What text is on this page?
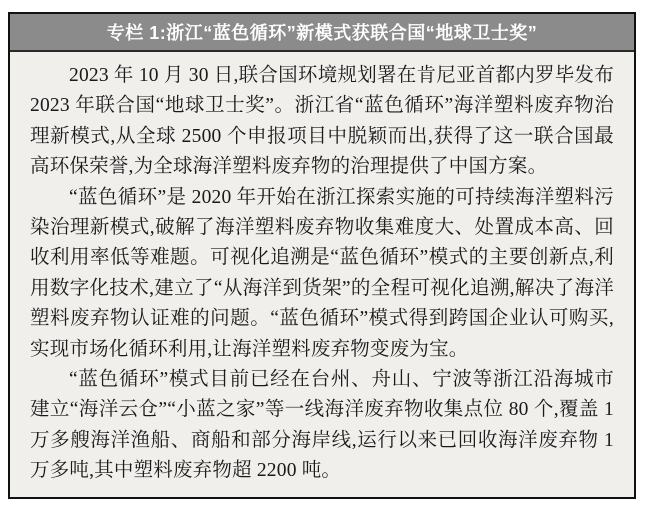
专栏 1:浙江“蓝色循环”新模式获联合国“地球卫士奖”

2023 年 10 月 30 日,联合国环境规划署在肯尼亚首都内罗毕发布 2023 年联合国“地球卫士奖”。浙江省“蓝色循环”海洋塑料废弃物治理新模式,从全球 2500 个申报项目中脱颖而出,获得了这一联合国最高环保荣誉,为全球海洋塑料废弃物的治理提供了中国方案。

“蓝色循环”是 2020 年开始在浙江探索实施的可持续海洋塑料污染治理新模式,破解了海洋塑料废弃物收集难度大、处置成本高、回收利用率低等难题。可视化追溯是“蓝色循环”模式的主要创新点,利用数字化技术,建立了“从海洋到货架”的全程可视化追溯,解决了海洋塑料废弃物认证难的问题。“蓝色循环”模式得到跨国企业认可购买,实现市场化循环利用,让海洋塑料废弃物变废为宝。

“蓝色循环”模式目前已经在台州、舟山、宁波等浙江沿海城市建立“海洋云仓”“小蓝之家”等一线海洋废弃物收集点位 80 个,覆盖 1 万多艘海洋渔船、商船和部分海岸线,运行以来已回收海洋废弃物 1 万多吨,其中塑料废弃物超 2200 吨。
